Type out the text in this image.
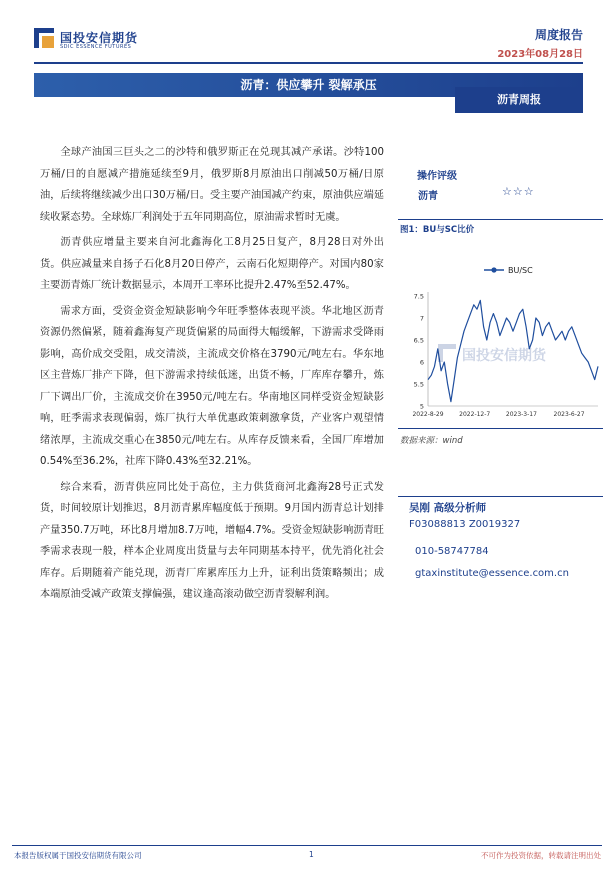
国投安信期货
SDIC ESSENCE FUTURES
周度报告
2023年08月28日
沥青：供应攀升 裂解承压
沥青周报

全球产油国三巨头之二的沙特和俄罗斯正在兑现其减产承诺。沙特100万桶/日的自愿减产措施延续至9月，俄罗斯8月原油出口削减50万桶/日原油，后续将继续减少出口30万桶/日。受主要产油国减产约束，原油供应端延续收紧态势。全球炼厂利润处于五年同期高位，原油需求暂时无虞。

沥青供应增量主要来自河北鑫海化工8月25日复产，8月28日对外出货。供应减量来自扬子石化8月20日停产，云南石化短期停产。对国内80家主要沥青炼厂统计数据显示，本周开工率环比提升2.47%至52.47%。

需求方面，受资金资金短缺影响今年旺季整体表现平淡。华北地区沥青资源仍然偏紧，随着鑫海复产现货偏紧的局面得大幅缓解，下游需求受降雨影响，高价成交受阻，成交清淡，主流成交价格在3790元/吨左右。华东地区主营炼厂排产下降，但下游需求持续低迷，出货不畅，厂库库存攀升，炼厂下调出厂价，主流成交价在3950元/吨左右。华南地区同样受资金短缺影响，旺季需求表现偏弱，炼厂执行大单优惠政策刺激拿货，产业客户观望情绪浓厚，主流成交重心在3850元/吨左右。从库存反馈来看，全国厂库增加0.54%至36.2%，社库下降0.43%至32.21%。

综合来看，沥青供应同比处于高位，主力供货商河北鑫海28号正式发货，时间较原计划推迟，8月沥青累库幅度低于预期。9月国内沥青总计划排产量350.7万吨，环比8月增加8.7万吨，增幅4.7%。受资金短缺影响沥青旺季需求表现一般，样本企业周度出货量与去年同期基本持平，优先消化社会库存。后期随着产能兑现，沥青厂库累库压力上升，证利出货策略频出；成本端原油受减产政策支撑偏强，建议逢高滚动做空沥青裂解利润。

操作评级
沥青	☆☆☆
图1：BU与SC比价
BU/SC
7.5
7
6.5
6
5.5
5
2022-8-29	2022-12-7	2023-3-17	2023-6-27
国投安信期货
数据来源：wind
吴刚 高级分析师
F03088813 Z0019327
010-58747784
gtaxinstitute@essence.com.cn
本报告版权属于国投安信期货有限公司	1	不可作为投资依据，转载请注明出处
